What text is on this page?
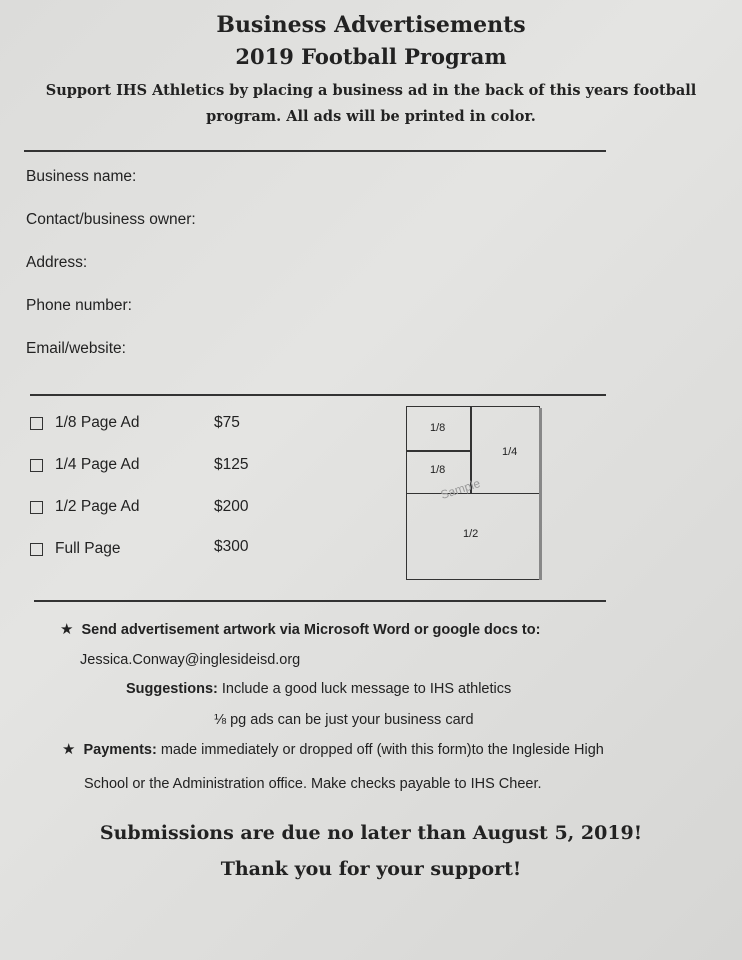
Business Advertisements
2019 Football Program
Support IHS Athletics by placing a business ad in the back of this years football
program. All ads will be printed in color.
Business name:
Contact/business owner:
Address:
Phone number:
Email/website:
1/8 Page Ad	$75
1/4 Page Ad	$125
1/2 Page Ad	$200
Full Page	$300
1/8
1/8
1/4
1/2
Sample
★ Send advertisement artwork via Microsoft Word or google docs to:
Jessica.Conway@inglesideisd.org
Suggestions: Include a good luck message to IHS athletics
⅛ pg ads can be just your business card
★ Payments: made immediately or dropped off (with this form)to the Ingleside High
School or the Administration office. Make checks payable to IHS Cheer.
Submissions are due no later than August 5, 2019!
Thank you for your support!
